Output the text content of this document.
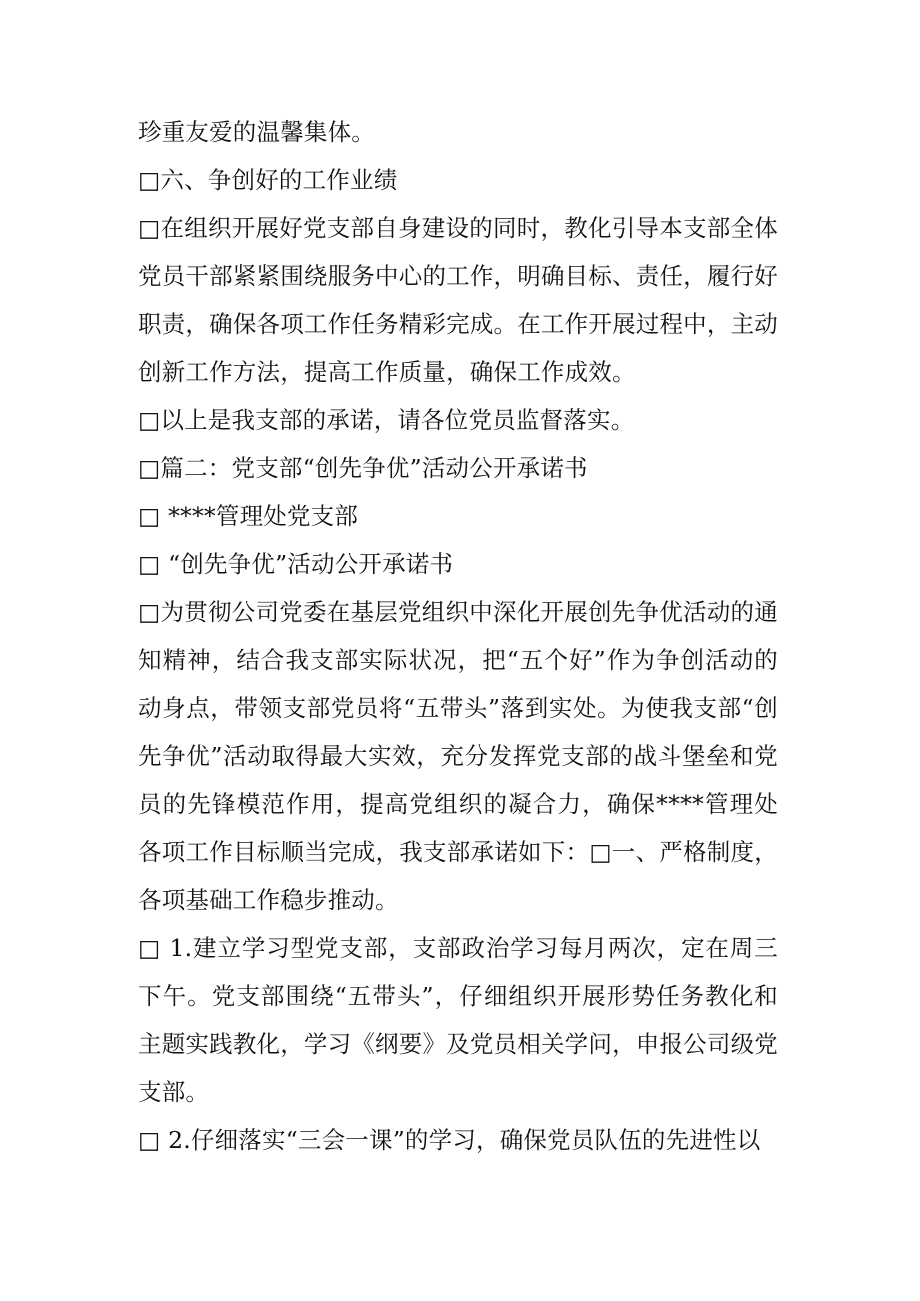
珍重友爱的温馨集体。

□六、争创好的工作业绩

□在组织开展好党支部自身建设的同时，教化引导本支部全体党员干部紧紧围绕服务中心的工作，明确目标、责任，履行好职责，确保各项工作任务精彩完成。在工作开展过程中，主动创新工作方法，提高工作质量，确保工作成效。

□以上是我支部的承诺，请各位党员监督落实。

□篇二：党支部“创先争优”活动公开承诺书

□ ****管理处党支部

□ “创先争优”活动公开承诺书

□为贯彻公司党委在基层党组织中深化开展创先争优活动的通知精神，结合我支部实际状况，把“五个好”作为争创活动的动身点，带领支部党员将“五带头”落到实处。为使我支部“创先争优”活动取得最大实效，充分发挥党支部的战斗堡垒和党员的先锋模范作用，提高党组织的凝合力，确保****管理处各项工作目标顺当完成，我支部承诺如下：□一、严格制度，各项基础工作稳步推动。

□ 1.建立学习型党支部，支部政治学习每月两次，定在周三下午。党支部围绕“五带头”，仔细组织开展形势任务教化和主题实践教化，学习《纲要》及党员相关学问，申报公司级党支部。

□ 2.仔细落实“三会一课”的学习，确保党员队伍的先进性以
